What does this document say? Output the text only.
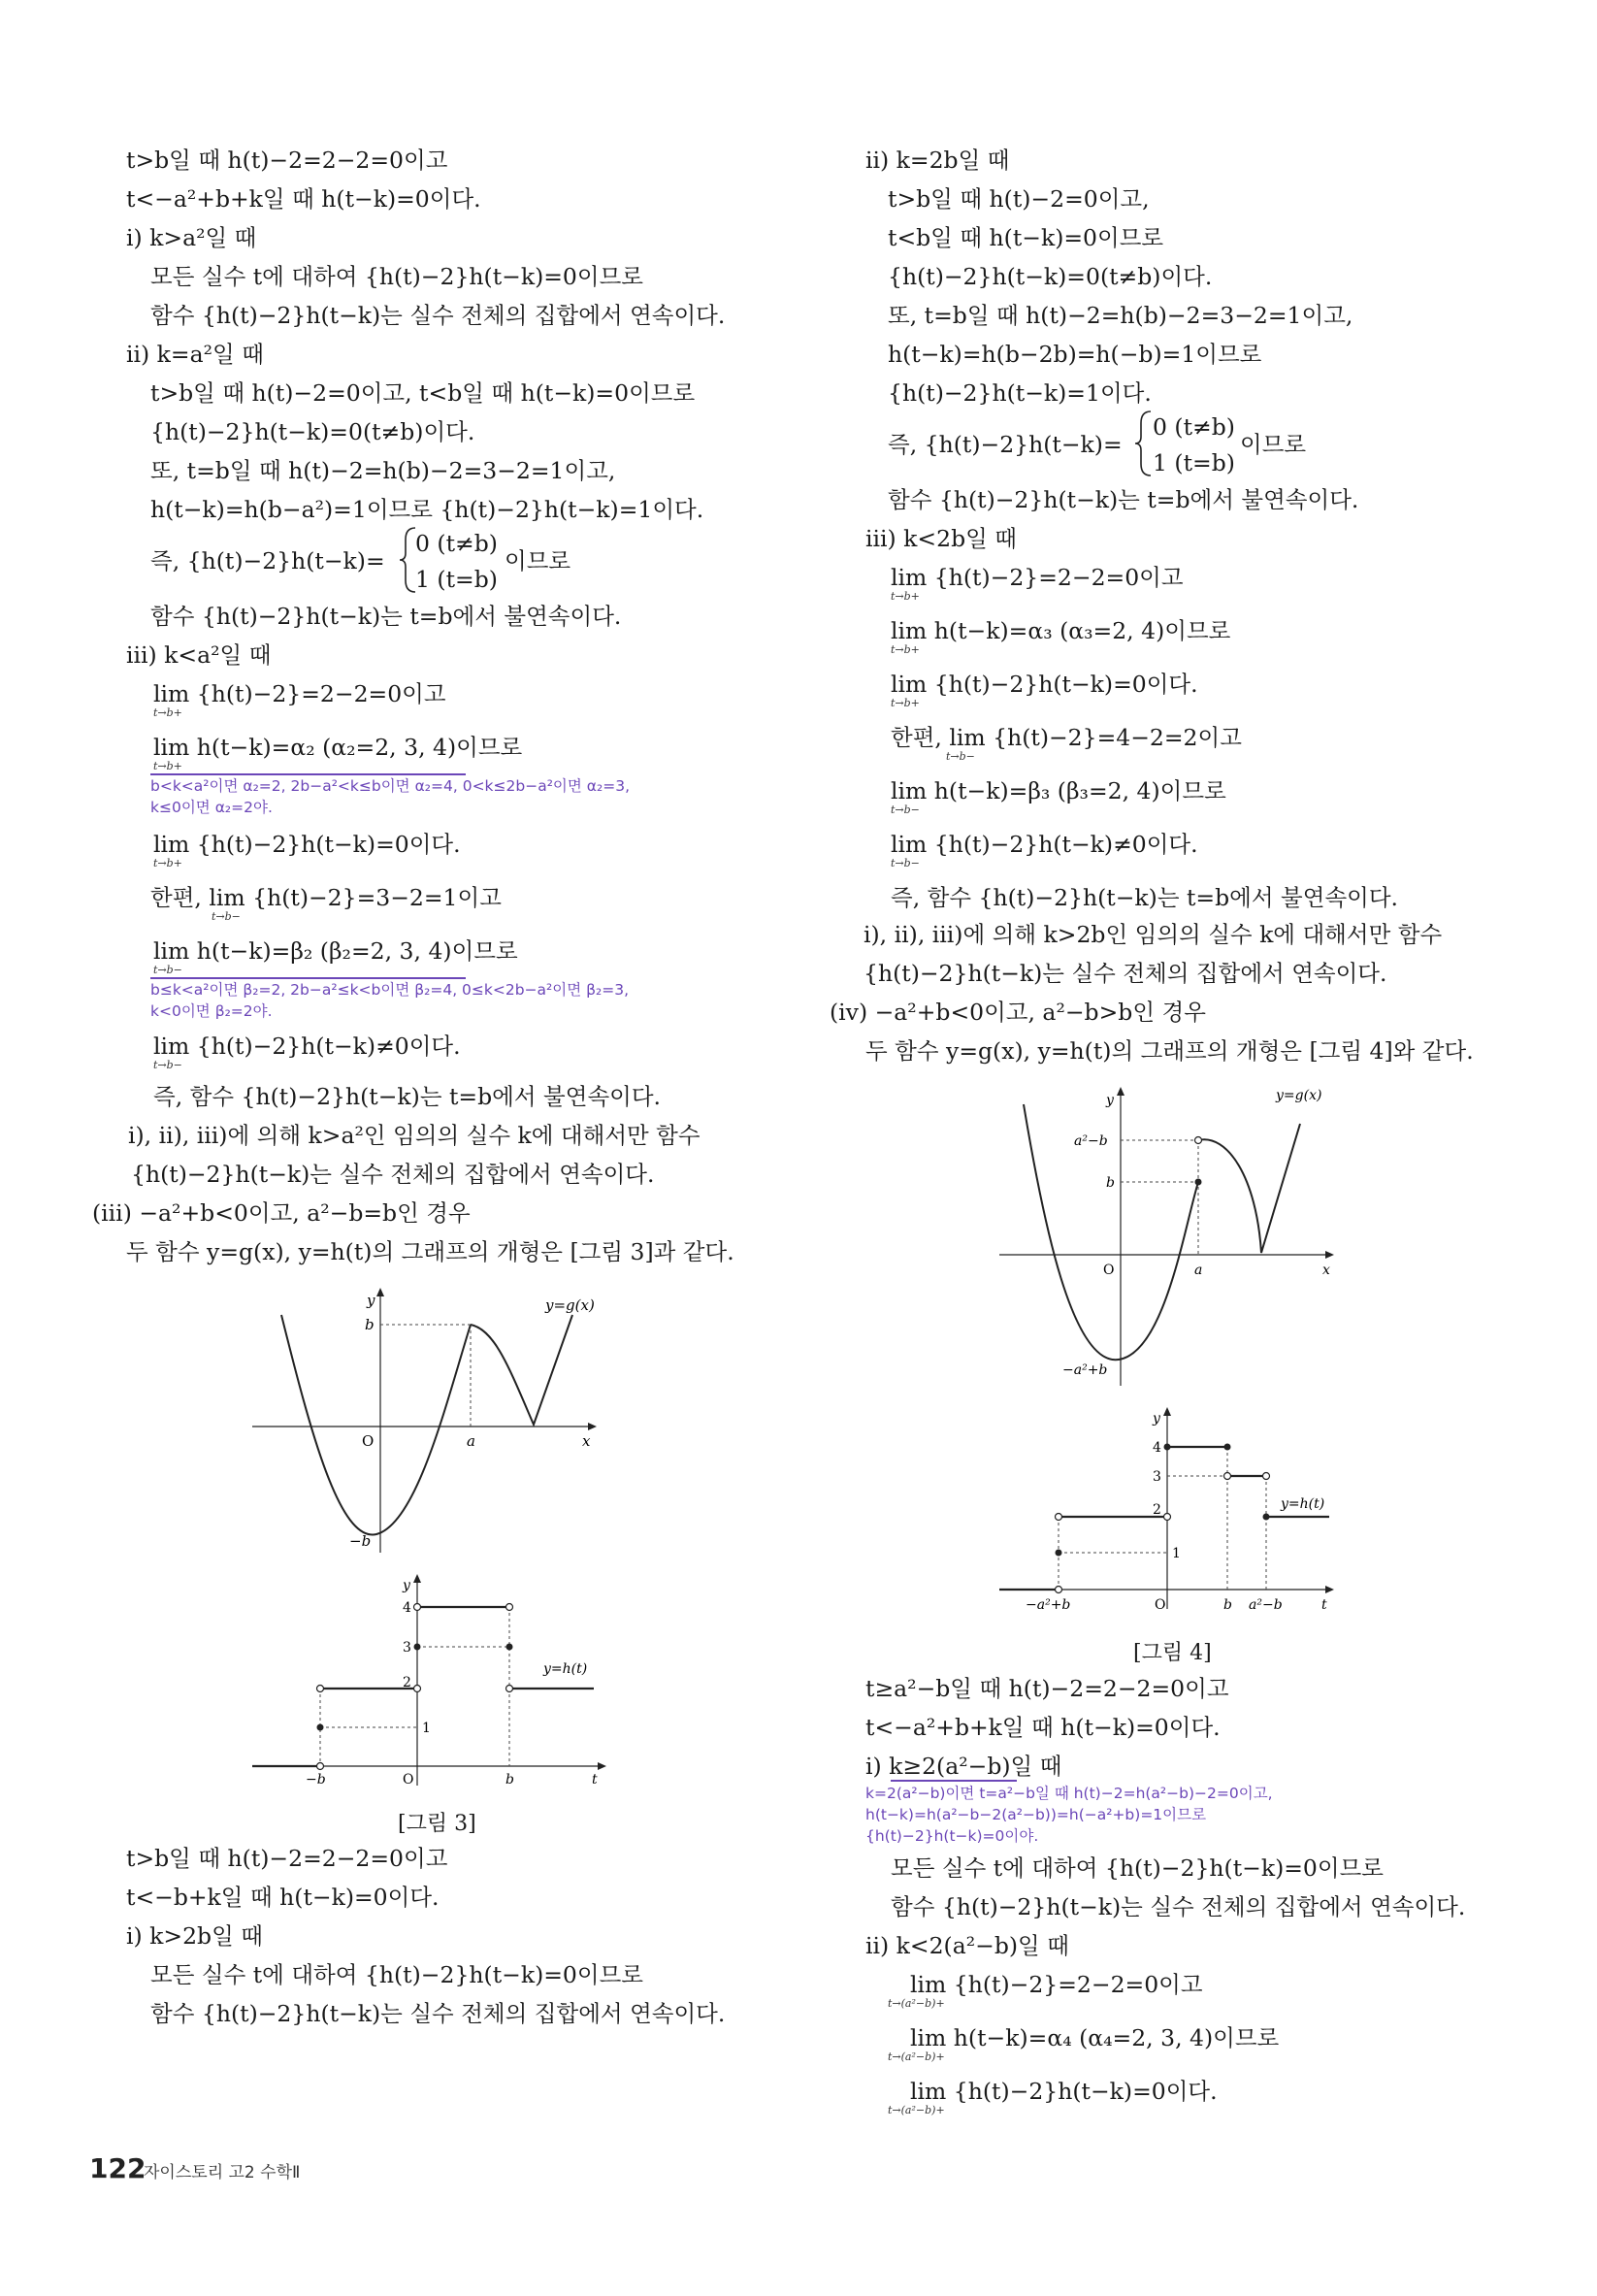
t>b일 때 h(t)−2=2−2=0이고
t<−a²+b+k일 때 h(t−k)=0이다.
ⅰ) k>a²일 때
모든 실수 t에 대하여 {h(t)−2}h(t−k)=0이므로
함수 {h(t)−2}h(t−k)는 실수 전체의 집합에서 연속이다.
ⅱ) k=a²일 때
t>b일 때 h(t)−2=0이고, t<b일 때 h(t−k)=0이므로
{h(t)−2}h(t−k)=0(t≠b)이다.
또, t=b일 때 h(t)−2=h(b)−2=3−2=1이고,
h(t−k)=h(b−a²)=1이므로 {h(t)−2}h(t−k)=1이다.
즉, {h(t)−2}h(t−k)=
0 (t≠b)
1 (t=b)
이므로
함수 {h(t)−2}h(t−k)는 t=b에서 불연속이다.
ⅲ) k<a²일 때
lim {h(t)−2}=2−2=0이고
t→b+
lim h(t−k)=α₂ (α₂=2, 3, 4)이므로
t→b+
b<k<a²이면 α₂=2, 2b−a²<k≤b이면 α₂=4, 0<k≤2b−a²이면 α₂=3,
k≤0이면 α₂=2야.
lim {h(t)−2}h(t−k)=0이다.
t→b+
한편, lim {h(t)−2}=3−2=1이고
t→b−
lim h(t−k)=β₂ (β₂=2, 3, 4)이므로
t→b−
b≤k<a²이면 β₂=2, 2b−a²≤k<b이면 β₂=4, 0≤k<2b−a²이면 β₂=3,
k<0이면 β₂=2야.
lim {h(t)−2}h(t−k)≠0이다.
t→b−
즉, 함수 {h(t)−2}h(t−k)는 t=b에서 불연속이다.
ⅰ), ⅱ), ⅲ)에 의해 k>a²인 임의의 실수 k에 대해서만 함수
{h(t)−2}h(t−k)는 실수 전체의 집합에서 연속이다.
(ⅲ) −a²+b<0이고, a²−b=b인 경우
두 함수 y=g(x), y=h(t)의 그래프의 개형은 [그림 3]과 같다.
y
b
O	a	x
−b
y=g(x)
y
4
3
2
1
−b	O	b	t
y=h(t)
[그림 3]
t>b일 때 h(t)−2=2−2=0이고
t<−b+k일 때 h(t−k)=0이다.
ⅰ) k>2b일 때
모든 실수 t에 대하여 {h(t)−2}h(t−k)=0이므로
함수 {h(t)−2}h(t−k)는 실수 전체의 집합에서 연속이다.
ⅱ) k=2b일 때
t>b일 때 h(t)−2=0이고,
t<b일 때 h(t−k)=0이므로
{h(t)−2}h(t−k)=0(t≠b)이다.
또, t=b일 때 h(t)−2=h(b)−2=3−2=1이고,
h(t−k)=h(b−2b)=h(−b)=1이므로
{h(t)−2}h(t−k)=1이다.
즉, {h(t)−2}h(t−k)=
0 (t≠b)
1 (t=b)
이므로
함수 {h(t)−2}h(t−k)는 t=b에서 불연속이다.
ⅲ) k<2b일 때
lim {h(t)−2}=2−2=0이고
t→b+
lim h(t−k)=α₃ (α₃=2, 4)이므로
t→b+
lim {h(t)−2}h(t−k)=0이다.
t→b+
한편, lim {h(t)−2}=4−2=2이고
t→b−
lim h(t−k)=β₃ (β₃=2, 4)이므로
t→b−
lim {h(t)−2}h(t−k)≠0이다.
t→b−
즉, 함수 {h(t)−2}h(t−k)는 t=b에서 불연속이다.
ⅰ), ⅱ), ⅲ)에 의해 k>2b인 임의의 실수 k에 대해서만 함수
{h(t)−2}h(t−k)는 실수 전체의 집합에서 연속이다.
(ⅳ) −a²+b<0이고, a²−b>b인 경우
두 함수 y=g(x), y=h(t)의 그래프의 개형은 [그림 4]와 같다.
y
a²−b
b
O	a	x
−a²+b
y=g(x)
y
4
3
2
1
−a²+b	O	b a²−b	t
y=h(t)
[그림 4]
t≥a²−b일 때 h(t)−2=2−2=0이고
t<−a²+b+k일 때 h(t−k)=0이다.
ⅰ) k≥2(a²−b)일 때
k=2(a²−b)이면 t=a²−b일 때 h(t)−2=h(a²−b)−2=0이고,
h(t−k)=h(a²−b−2(a²−b))=h(−a²+b)=1이므로
{h(t)−2}h(t−k)=0이야.
모든 실수 t에 대하여 {h(t)−2}h(t−k)=0이므로
함수 {h(t)−2}h(t−k)는 실수 전체의 집합에서 연속이다.
ⅱ) k<2(a²−b)일 때
lim {h(t)−2}=2−2=0이고
t→(a²−b)+
lim h(t−k)=α₄ (α₄=2, 3, 4)이므로
t→(a²−b)+
lim {h(t)−2}h(t−k)=0이다.
t→(a²−b)+
122
자이스토리 고2 수학Ⅱ
